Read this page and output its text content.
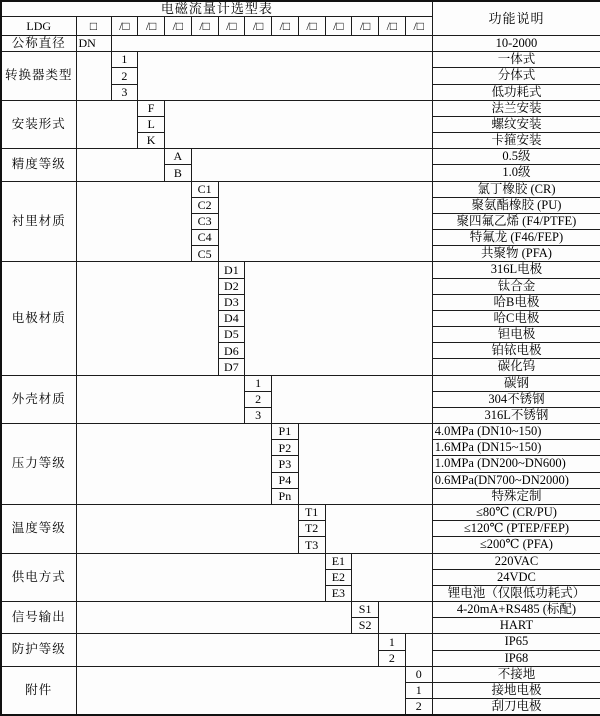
电磁流量计选型表														功能说明
LDG	□	/□	/□	/□	/□	/□	/□	/□	/□	/□	/□	/□	/□	
公称直径	DN													10-2000
转换器类型		1												一体式
		2												分体式
		3												低功耗式
安装形式			F											法兰安装
			L											螺纹安装
			K											卡箍安装
精度等级				A										0.5级
				B										1.0级
衬里材质					C1									氯丁橡胶 (CR)
					C2									聚氨酯橡胶 (PU)
					C3									聚四氟乙烯 (F4/PTFE)
					C4									特氟龙 (F46/FEP)
					C5									共聚物 (PFA)
电极材质						D1								316L电极
						D2								钛合金
						D3								哈B电极
						D4								哈C电极
						D5								钽电极
						D6								铂铱电极
						D7								碳化钨
外壳材质							1							碳钢
							2							304不锈钢
							3							316L不锈钢
压力等级								P1						4.0MPa (DN10~150)
								P2						1.6MPa (DN15~150)
								P3						1.0MPa (DN200~DN600)
								P4						0.6MPa(DN700~DN2000)
								Pn						特殊定制
温度等级									T1					≤80℃ (CR/PU)
									T2					≤120℃ (PTEP/FEP)
									T3					≤200℃ (PFA)
供电方式										E1				220VAC
										E2				24VDC
										E3				锂电池（仅限低功耗式）
信号输出											S1			4-20mA+RS485 (标配)
											S2			HART
防护等级												1		IP65
												2		IP68
附件													0	不接地
													1	接地电极
													2	刮刀电极
